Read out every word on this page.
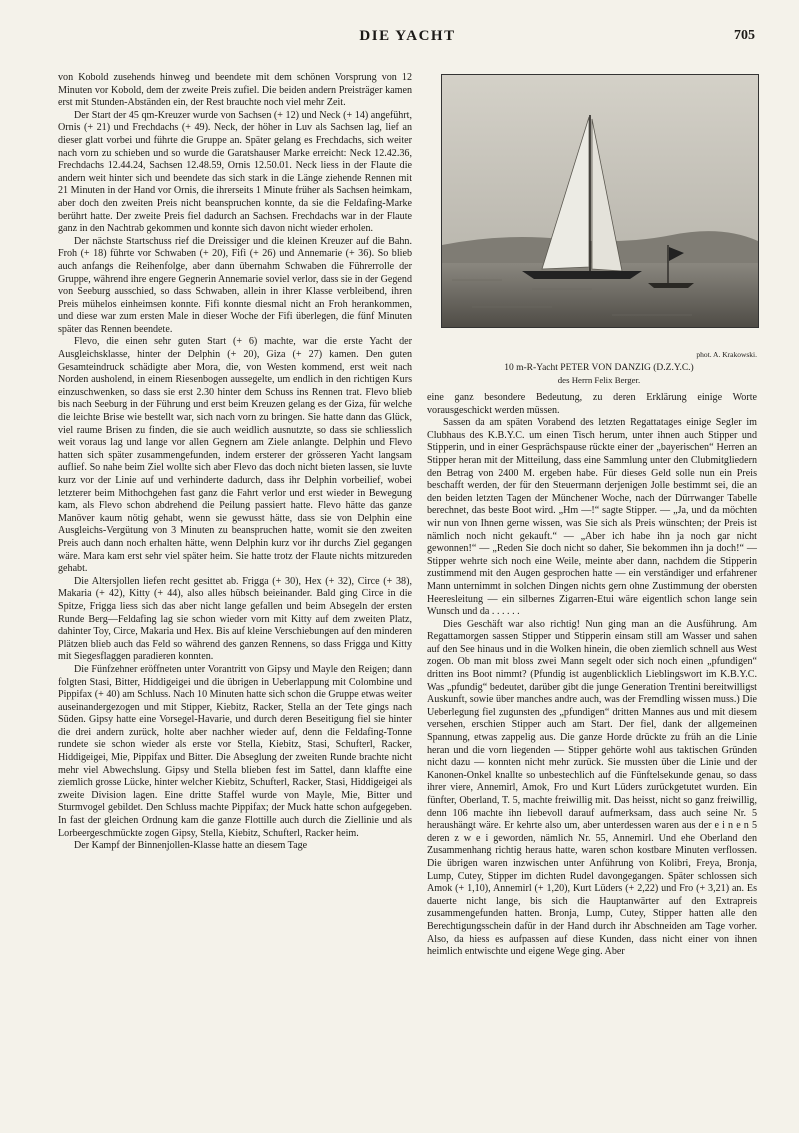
DIE YACHT	705

von Kobold zusehends hinweg und beendete mit dem schönen Vorsprung von 12 Minuten vor Kobold, dem der zweite Preis zufiel. Die beiden andern Preisträger kamen erst mit Stunden-Abständen ein, der Rest brauchte noch viel mehr Zeit.

Der Start der 45 qm-Kreuzer wurde von Sachsen (+ 12) und Neck (+ 14) angeführt, Ornis (+ 21) und Frechdachs (+ 49). Neck, der höher in Luv als Sachsen lag, lief an dieser glatt vorbei und führte die Gruppe an. Später gelang es Frechdachs, sich weiter nach vorn zu schieben und so wurde die Garatshauser Marke erreicht: Neck 12.42.36, Frechdachs 12.44.24, Sachsen 12.48.59, Ornis 12.50.01. Neck liess in der Flaute die andern weit hinter sich und beendete das sich stark in die Länge ziehende Rennen mit 21 Minuten in der Hand vor Ornis, die ihrerseits 1 Minute früher als Sachsen heimkam, aber doch den zweiten Preis nicht beanspruchen konnte, da sie die Feldafing-Marke berührt hatte. Der zweite Preis fiel dadurch an Sachsen. Frechdachs war in der Flaute ganz in den Nachtrab gekommen und konnte sich davon nicht wieder erholen.

Der nächste Startschuss rief die Dreissiger und die kleinen Kreuzer auf die Bahn. Froh (+ 18) führte vor Schwaben (+ 20), Fifi (+ 26) und Annemarie (+ 36). So blieb auch anfangs die Reihenfolge, aber dann übernahm Schwaben die Führerrolle der Gruppe, während ihre engere Gegnerin Annemarie soviel verlor, dass sie in der Gegend von Seeburg ausschied, so dass Schwaben, allein in ihrer Klasse verbleibend, ihren Preis mühelos einheimsen konnte. Fifi konnte diesmal nicht an Froh herankommen, und diese war zum ersten Male in dieser Woche der Fifi überlegen, die fünf Minuten später das Rennen beendete.

Flevo, die einen sehr guten Start (+ 6) machte, war die erste Yacht der Ausgleichsklasse, hinter der Delphin (+ 20), Giza (+ 27) kamen. Den guten Gesamteindruck schädigte aber Mora, die, von Westen kommend, erst weit nach Norden ausholend, in einem Riesenbogen aussegelte, um endlich in den richtigen Kurs einzuschwenken, so dass sie erst 2.30 hinter dem Schuss ins Rennen trat. Flevo blieb bis nach Seeburg in der Führung und erst beim Kreuzen gelang es der Giza, für welche die leichte Brise wie bestellt war, sich nach vorn zu bringen. Sie hatte dann das Glück, viel raume Brisen zu finden, die sie auch weidlich ausnutzte, so dass sie schliesslich weit voraus lag und lange vor allen Gegnern am Ziele anlangte. Delphin und Flevo hatten sich später zusammengefunden, indem ersterer der grösseren Yacht langsam auflief. So nahe beim Ziel wollte sich aber Flevo das doch nicht bieten lassen, sie luvte kurz vor der Linie auf und verhinderte dadurch, dass ihr Delphin vorbeilief, wobei letzterer beim Mithochgehen fast ganz die Fahrt verlor und erst wieder in Bewegung kam, als Flevo schon abdrehend die Peilung passiert hatte. Flevo hätte das ganze Manöver kaum nötig gehabt, wenn sie gewusst hätte, dass sie von Delphin eine Ausgleichs-Vergütung von 3 Minuten zu beanspruchen hatte, womit sie den zweiten Preis auch dann noch erhalten hätte, wenn Delphin kurz vor ihr durchs Ziel gegangen wäre. Mara kam erst sehr viel später heim. Sie hatte trotz der Flaute nichts mitzureden gehabt.

Die Altersjollen liefen recht gesittet ab. Frigga (+ 30), Hex (+ 32), Circe (+ 38), Makaria (+ 42), Kitty (+ 44), also alles hübsch beieinander. Bald ging Circe in die Spitze, Frigga liess sich das aber nicht lange gefallen und beim Absegeln der ersten Runde Berg—Feldafing lag sie schon wieder vorn mit Kitty auf dem zweiten Platz, dahinter Toy, Circe, Makaria und Hex. Bis auf kleine Verschiebungen auf den minderen Plätzen blieb auch das Feld so während des ganzen Rennens, so dass Frigga und Kitty mit Siegesflaggen paradieren konnten.

Die Fünfzehner eröffneten unter Vorantritt von Gipsy und Mayle den Reigen; dann folgten Stasi, Bitter, Hiddigeigei und die übrigen in Ueberlappung mit Colombine und Pippifax (+ 40) am Schluss. Nach 10 Minuten hatte sich schon die Gruppe etwas weiter auseinandergezogen und mit Stipper, Kiebitz, Racker, Stella an der Tete gings nach Süden. Gipsy hatte eine Vorsegel-Havarie, und durch deren Beseitigung fiel sie hinter die drei andern zurück, holte aber nachher wieder auf, denn die Feldafing-Tonne rundete sie schon wieder als erste vor Stella, Kiebitz, Stasi, Schufterl, Racker, Hiddigeigei, Mie, Pippifax und Bitter. Die Abseglung der zweiten Runde brachte nicht mehr viel Abwechslung. Gipsy und Stella blieben fest im Sattel, dann klaffte eine ziemlich grosse Lücke, hinter welcher Kiebitz, Schufterl, Racker, Stasi, Hiddigeigei als zweite Division lagen. Eine dritte Staffel wurde von Mayle, Mie, Bitter und Sturmvogel gebildet. Den Schluss machte Pippifax; der Muck hatte schon aufgegeben. In fast der gleichen Ordnung kam die ganze Flottille auch durch die Ziellinie und als Lorbeergeschmückte zogen Gipsy, Stella, Kiebitz, Schufterl, Racker heim.

Der Kampf der Binnenjollen-Klasse hatte an diesem Tage

phot. A. Krakowski.
10 m-R-Yacht PETER VON DANZIG (D.Z.Y.C.)
des Herrn Felix Berger.

eine ganz besondere Bedeutung, zu deren Erklärung einige Worte vorausgeschickt werden müssen.

Sassen da am späten Vorabend des letzten Regattatages einige Segler im Clubhaus des K.B.Y.C. um einen Tisch herum, unter ihnen auch Stipper und Stipperin, und in einer Gesprächspause rückte einer der „bayerischen“ Herren an Stipper heran mit der Mitteilung, dass eine Sammlung unter den Clubmitgliedern den Betrag von 2400 M. ergeben habe. Für dieses Geld solle nun ein Preis beschafft werden, der für den Steuermann derjenigen Jolle bestimmt sei, die an den beiden letzten Tagen der Münchener Woche, nach der Dürrwanger Tabelle berechnet, das beste Boot wird. „Hm —!“ sagte Stipper. — „Ja, und da möchten wir nun von Ihnen gerne wissen, was Sie sich als Preis wünschten; der Preis ist nämlich noch nicht gekauft.“ — „Aber ich habe ihn ja noch gar nicht gewonnen!“ — „Reden Sie doch nicht so daher, Sie bekommen ihn ja doch!“ — Stipper wehrte sich noch eine Weile, meinte aber dann, nachdem die Stipperin zustimmend mit den Augen gesprochen hatte — ein verständiger und erfahrener Mann unternimmt in solchen Dingen nichts gern ohne Zustimmung der obersten Heeresleitung — ein silbernes Zigarren-Etui wäre eigentlich schon lange sein Wunsch und da . . . . . .

Dies Geschäft war also richtig! Nun ging man an die Ausführung. Am Regattamorgen sassen Stipper und Stipperin einsam still am Wasser und sahen auf den See hinaus und in die Wolken hinein, die oben ziemlich schnell aus West zogen. Ob man mit bloss zwei Mann segelt oder sich noch einen „pfundigen“ dritten ins Boot nimmt? (Pfundig ist augenblicklich Lieblingswort im K.B.Y.C. Was „pfundig“ bedeutet, darüber gibt die junge Generation Trentini bereitwilligst Auskunft, sowie über manches andre auch, was der Fremdling wissen muss.) Die Ueberlegung fiel zugunsten des „pfundigen“ dritten Mannes aus und mit diesem versehen, erschien Stipper auch am Start. Der fiel, dank der allgemeinen Spannung, etwas zappelig aus. Die ganze Horde drückte zu früh an die Linie heran und die vorn liegenden — Stipper gehörte wohl aus taktischen Gründen nicht dazu — konnten nicht mehr zurück. Sie mussten über die Linie und der Kanonen-Onkel knallte so unbestechlich auf die Fünftelsekunde genau, so dass ihrer viere, Annemirl, Amok, Fro und Kurt Lüders zurückgetutet wurden. Ein fünfter, Oberland, T. 5, machte freiwillig mit. Das heisst, nicht so ganz freiwillig, denn 106 machte ihn liebevoll darauf aufmerksam, dass auch seine Nr. 5 heraushängt wäre. Er kehrte also um, aber unterdessen waren aus der e i n e n 5 deren z w e i geworden, nämlich Nr. 55, Annemirl. Und ehe Oberland den Zusammenhang richtig heraus hatte, waren schon kostbare Minuten verflossen. Die übrigen waren inzwischen unter Anführung von Kolibri, Freya, Bronja, Lump, Cutey, Stipper im dichten Rudel davongegangen. Später schlossen sich Amok (+ 1,10), Annemirl (+ 1,20), Kurt Lüders (+ 2,22) und Fro (+ 3,21) an. Es dauerte nicht lange, bis sich die Hauptanwärter auf den Extrapreis zusammengefunden hatten. Bronja, Lump, Cutey, Stipper hatten alle den Berechtigungsschein dafür in der Hand durch ihr Abschneiden am Tage vorher. Also, da hiess es aufpassen auf diese Kunden, dass nicht einer von ihnen heimlich entwischte und eigene Wege ging. Aber
